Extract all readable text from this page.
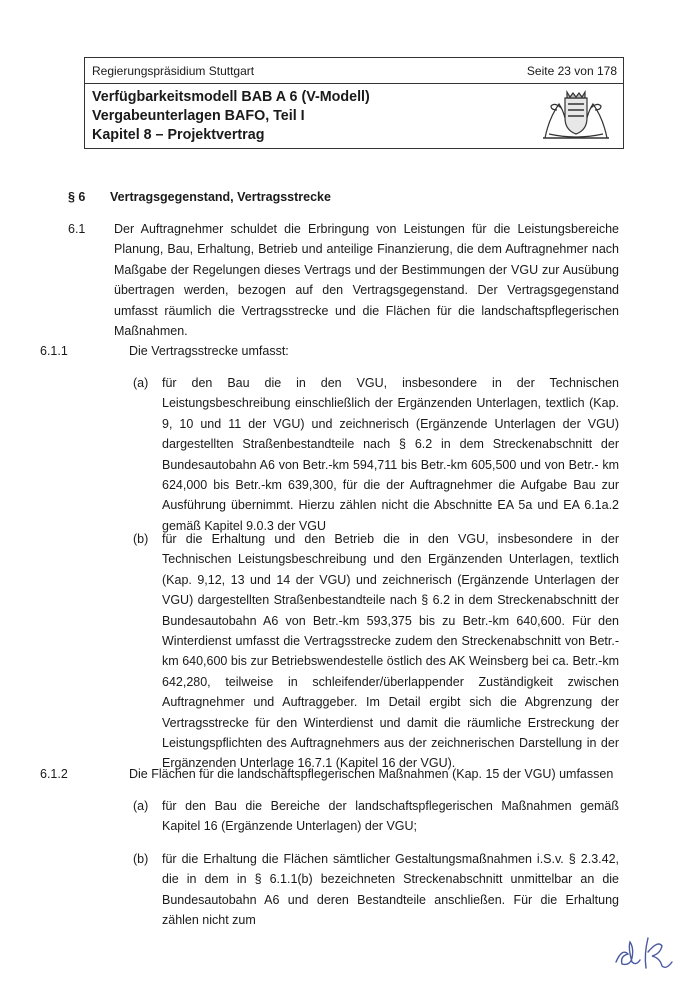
Regierungspräsidium Stuttgart	Seite 23 von 178
Verfügbarkeitsmodell BAB A 6 (V-Modell)
Vergabeunterlagen BAFO, Teil I
Kapitel 8 – Projektvertrag
§ 6 Vertragsgegenstand, Vertragsstrecke
6.1 Der Auftragnehmer schuldet die Erbringung von Leistungen für die Leistungsbereiche Planung, Bau, Erhaltung, Betrieb und anteilige Finanzierung, die dem Auftragnehmer nach Maßgabe der Regelungen dieses Vertrags und der Bestimmungen der VGU zur Ausübung übertragen werden, bezogen auf den Vertragsgegenstand. Der Vertragsgegenstand umfasst räumlich die Vertragsstrecke und die Flächen für die landschaftspflegerischen Maßnahmen.
6.1.1	Die Vertragsstrecke umfasst:
(a) für den Bau die in den VGU, insbesondere in der Technischen Leistungsbeschreibung einschließlich der Ergänzenden Unterlagen, textlich (Kap. 9, 10 und 11 der VGU) und zeichnerisch (Ergänzende Unterlagen der VGU) dargestellten Straßenbestandteile nach § 6.2 in dem Streckenabschnitt der Bundesautobahn A6 von Betr.-km 594,711 bis Betr.-km 605,500 und von Betr.- km 624,000 bis Betr.-km 639,300, für die der Auftragnehmer die Aufgabe Bau zur Ausführung übernimmt. Hierzu zählen nicht die Abschnitte EA 5a und EA 6.1a.2 gemäß Kapitel 9.0.3 der VGU
(b) für die Erhaltung und den Betrieb die in den VGU, insbesondere in der Technischen Leistungsbeschreibung und den Ergänzenden Unterlagen, textlich (Kap. 9,12, 13 und 14 der VGU) und zeichnerisch (Ergänzende Unterlagen der VGU) dargestellten Straßenbestandteile nach § 6.2 in dem Streckenabschnitt der Bundesautobahn A6 von Betr.-km 593,375 bis zu Betr.-km 640,600. Für den Winterdienst umfasst die Vertragsstrecke zudem den Streckenabschnitt von Betr.-km 640,600 bis zur Betriebswendestelle östlich des AK Weinsberg bei ca. Betr.-km 642,280, teilweise in schleifender/überlappender Zuständigkeit zwischen Auftragnehmer und Auftraggeber. Im Detail ergibt sich die Abgrenzung der Vertragsstrecke für den Winterdienst und damit die räumliche Erstreckung der Leistungspflichten des Auftragnehmers aus der zeichnerischen Darstellung in der Ergänzenden Unterlage 16.7.1 (Kapitel 16 der VGU).
6.1.2	Die Flächen für die landschaftspflegerischen Maßnahmen (Kap. 15 der VGU) umfassen
(a) für den Bau die Bereiche der landschaftspflegerischen Maßnahmen gemäß Kapitel 16 (Ergänzende Unterlagen) der VGU;
(b) für die Erhaltung die Flächen sämtlicher Gestaltungsmaßnahmen i.S.v. § 2.3.42, die in dem in § 6.1.1(b) bezeichneten Streckenabschnitt unmittelbar an die Bundesautobahn A6 und deren Bestandteile anschließen. Für die Erhaltung zählen nicht zum
